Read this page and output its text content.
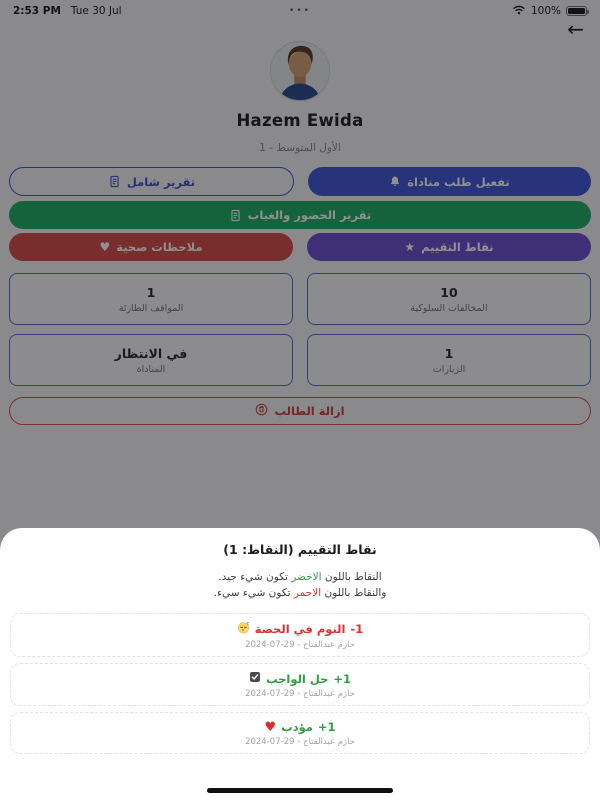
2:53 PM Tue 30 Jul	•••	100%
←
Hazem Ewida
الأول المتوسط - 1
تقرير شامل	تفعيل طلب مناداة
تقرير الحضور والغياب
♥ ملاحظات صحية	★ نقاط التقييم
1
المواقف الطارئة
10
المخالفات السلوكية
في الانتظار
المناداة
1
الزيارات
ازالة الطالب
نقاط التقييم (النقاط: 1)
النقاط باللون الاخضر تكون شيء جيد.
والنقاط باللون الاحمر تكون شيء سيء.
z النوم في الحصة -1
حازم عبدالفتاح - 29-07-2024
حل الواجب +1
حازم عبدالفتاح - 29-07-2024
♥ مؤدب +1
حازم عبدالفتاح - 29-07-2024
